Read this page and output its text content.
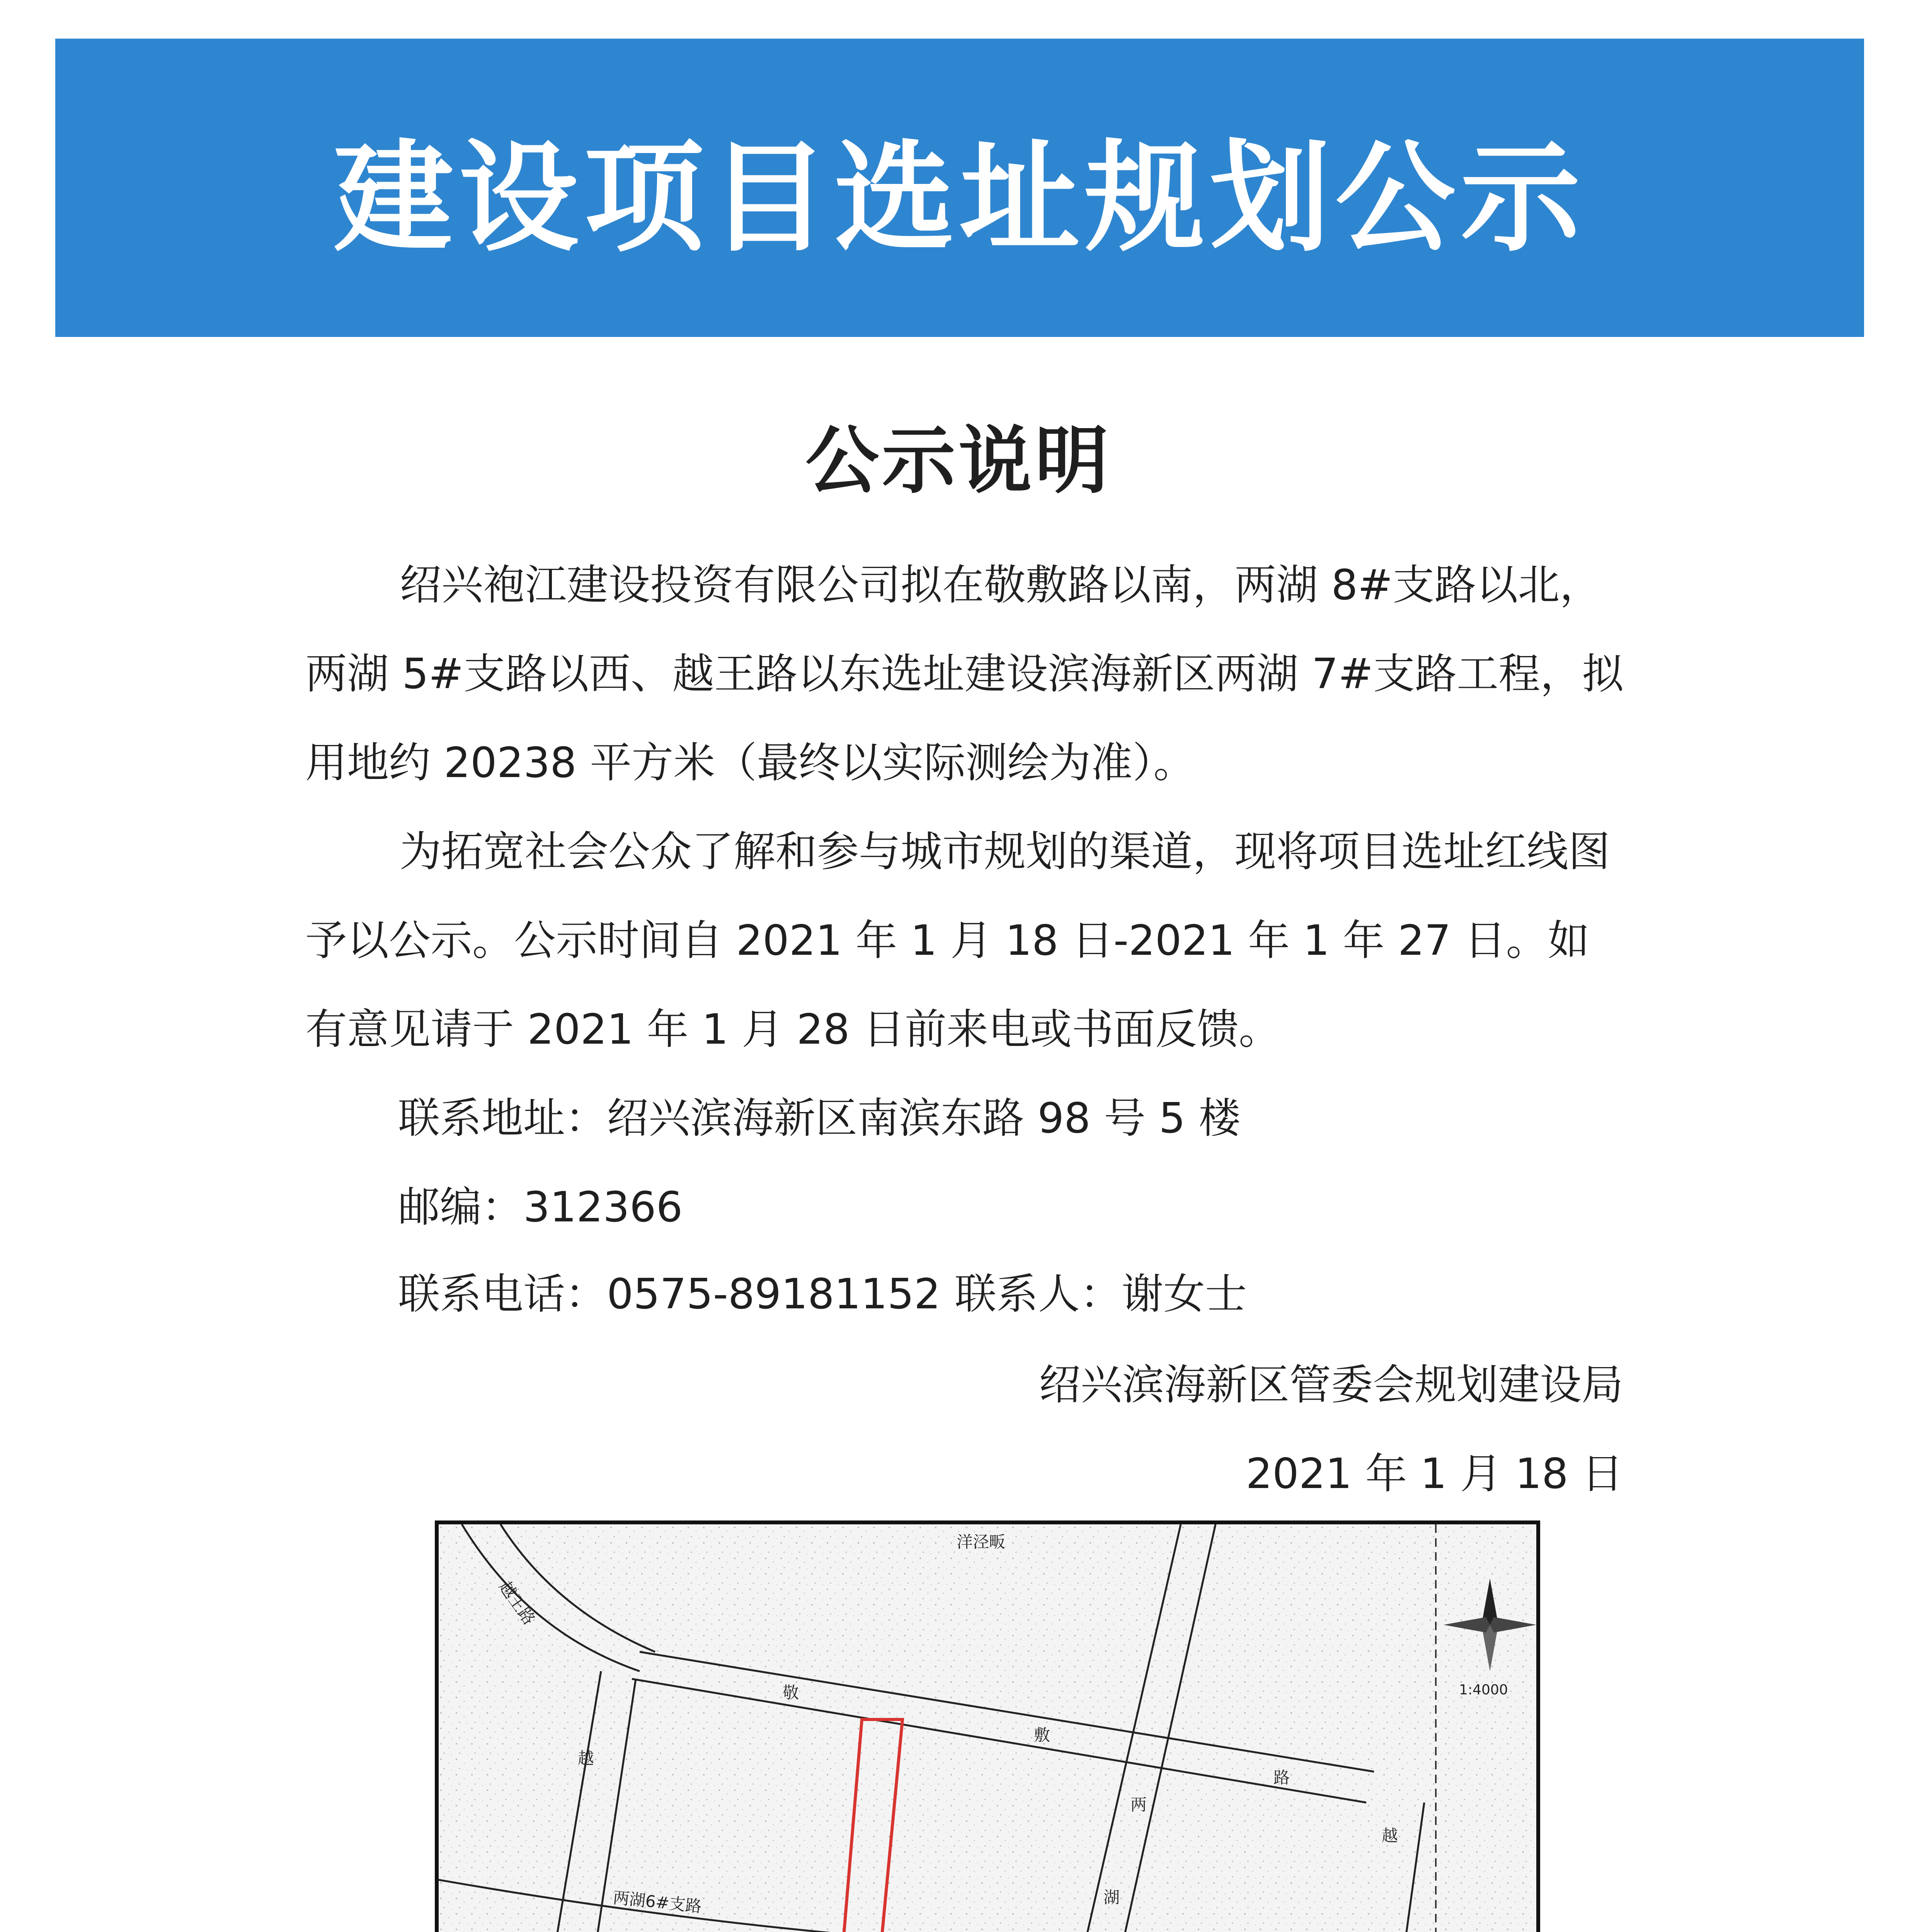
建设项目选址规划公示
公示说明
绍兴袍江建设投资有限公司拟在敬敷路以南，两湖 8#支路以北，两湖 5#支路以西、越王路以东选址建设滨海新区两湖 7#支路工程，拟用地约 20238 平方米（最终以实际测绘为准）。
为拓宽社会公众了解和参与城市规划的渠道，现将项目选址红线图予以公示。公示时间自 2021 年 1 月 18 日-2021 年 1 年 27 日。如有意见请于 2021 年 1 月 28 日前来电或书面反馈。
联系地址：绍兴滨海新区南滨东路 98 号 5 楼
邮编：312366
联系电话：0575-89181152 联系人：谢女士
绍兴滨海新区管委会规划建设局
2021 年 1 月 18 日
越王路
洋泾畈
1:4000
敬
敷
路
越
两
湖
越
两湖6#支路
